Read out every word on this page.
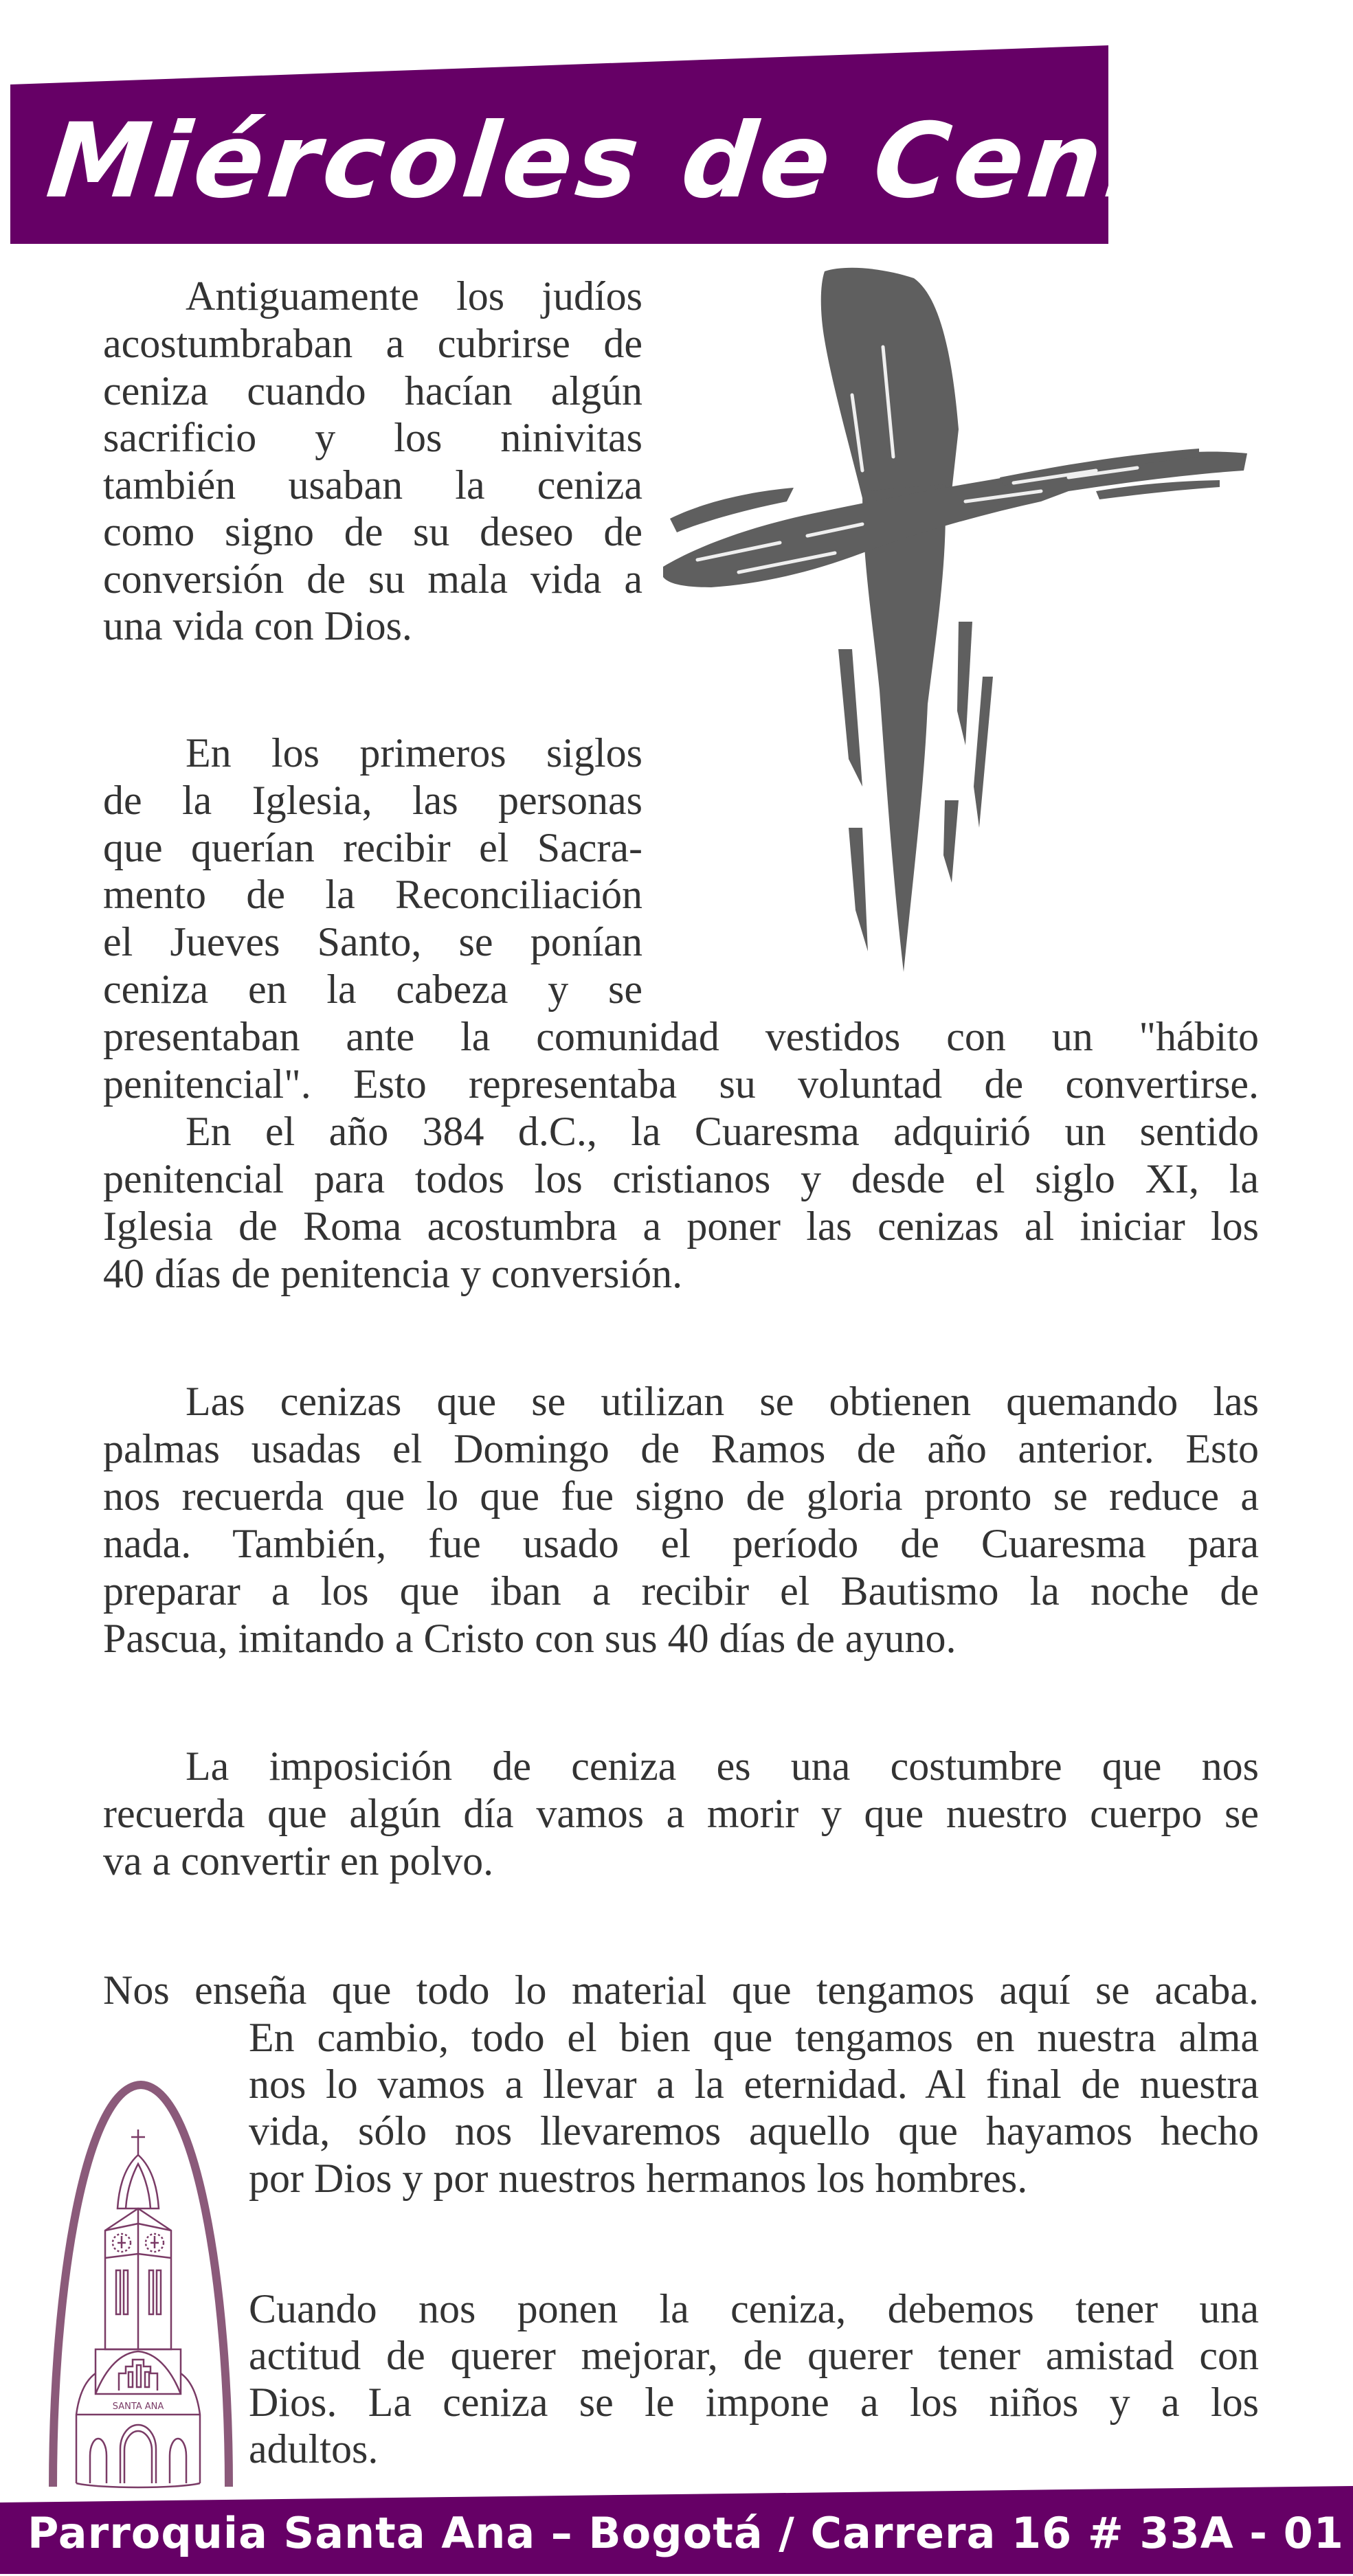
Miércoles de Ceniza
Antiguamente los judíos
acostumbraban a cubrirse de
ceniza cuando hacían algún
sacrificio y los ninivitas
también usaban la ceniza
como signo de su deseo de
conversión de su mala vida a
una vida con Dios.
En los primeros siglos
de la Iglesia, las personas
que querían recibir el Sacra-
mento de la Reconciliación
el Jueves Santo, se ponían
ceniza en la cabeza y se
presentaban ante la comunidad vestidos con un "hábito
penitencial". Esto representaba su voluntad de convertirse.
En el año 384 d.C., la Cuaresma adquirió un sentido
penitencial para todos los cristianos y desde el siglo XI, la
Iglesia de Roma acostumbra a poner las cenizas al iniciar los
40 días de penitencia y conversión.
Las cenizas que se utilizan se obtienen quemando las
palmas usadas el Domingo de Ramos de año anterior. Esto
nos recuerda que lo que fue signo de gloria pronto se reduce a
nada. También, fue usado el período de Cuaresma para
preparar a los que iban a recibir el Bautismo la noche de
Pascua, imitando a Cristo con sus 40 días de ayuno.
La imposición de ceniza es una costumbre que nos
recuerda que algún día vamos a morir y que nuestro cuerpo se
va a convertir en polvo.
Nos enseña que todo lo material que tengamos aquí se acaba.
En cambio, todo el bien que tengamos en nuestra alma
nos lo vamos a llevar a la eternidad. Al final de nuestra
vida, sólo nos llevaremos aquello que hayamos hecho
por Dios y por nuestros hermanos los hombres.
Cuando nos ponen la ceniza, debemos tener una
actitud de querer mejorar, de querer tener amistad con
Dios. La ceniza se le impone a los niños y a los
adultos.
SANTA ANA
Parroquia Santa Ana – Bogotá / Carrera 16 # 33A - 01
